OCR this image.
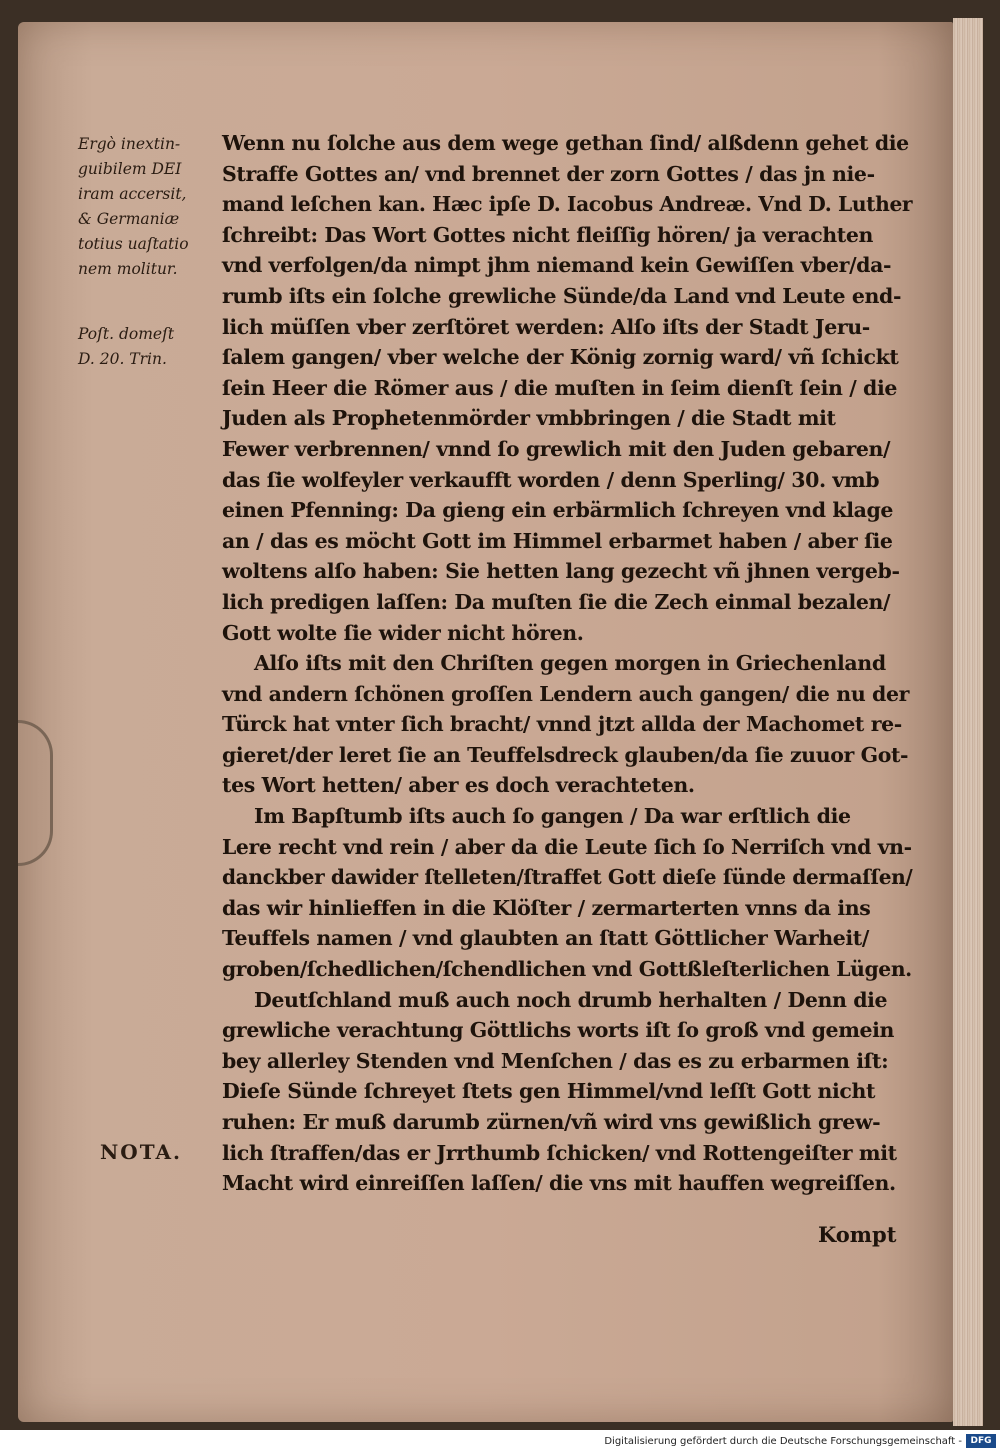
Ergò inextin-
guibilem DEI
iram accersit,
& Germaniæ
totius uaſtatio
nem molitur.
Poſt. domeſt
D. 20. Trin.
NOTA.
Wenn nu ſolche aus dem wege gethan ſind/ alßdenn gehet die
Straffe Gottes an/ vnd brennet der zorn Gottes / das jn nie-
mand leſchen kan. Hæc ipſe D. Iacobus Andreæ. Vnd D. Luther
ſchreibt: Das Wort Gottes nicht fleiſſig hören/ ja verachten
vnd verfolgen/da nimpt jhm niemand kein Gewiſſen vber/da-
rumb iſts ein ſolche grewliche Sünde/da Land vnd Leute end-
lich müſſen vber zerſtöret werden: Alſo iſts der Stadt Jeru-
ſalem gangen/ vber welche der König zornig ward/ vñ ſchickt
ſein Heer die Römer aus / die muſten in ſeim dienſt ſein / die
Juden als Prophetenmörder vmbbringen / die Stadt mit
Fewer verbrennen/ vnnd ſo grewlich mit den Juden gebaren/
das ſie wolfeyler verkaufft worden / denn Sperling/ 30. vmb
einen Pfenning: Da gieng ein erbärmlich ſchreyen vnd klage
an / das es möcht Gott im Himmel erbarmet haben / aber ſie
woltens alſo haben: Sie hetten lang gezecht vñ jhnen vergeb-
lich predigen laſſen: Da muſten ſie die Zech einmal bezalen/
Gott wolte ſie wider nicht hören.
Alſo iſts mit den Chriſten gegen morgen in Griechenland
vnd andern ſchönen groſſen Lendern auch gangen/ die nu der
Türck hat vnter ſich bracht/ vnnd jtzt allda der Machomet re-
gieret/der leret ſie an Teuffelsdreck glauben/da ſie zuuor Got-
tes Wort hetten/ aber es doch verachteten.
Im Bapſtumb iſts auch ſo gangen / Da war erſtlich die
Lere recht vnd rein / aber da die Leute ſich ſo Nerriſch vnd vn-
danckber dawider ſtelleten/ſtraffet Gott dieſe ſünde dermaſſen/
das wir hinlieffen in die Klöſter / zermarterten vnns da ins
Teuffels namen / vnd glaubten an ſtatt Göttlicher Warheit/
groben/ſchedlichen/ſchendlichen vnd Gottßleſterlichen Lügen.
Deutſchland muß auch noch drumb herhalten / Denn die
grewliche verachtung Göttlichs worts iſt ſo groß vnd gemein
bey allerley Stenden vnd Menſchen / das es zu erbarmen iſt:
Dieſe Sünde ſchreyet ſtets gen Himmel/vnd leſſt Gott nicht
ruhen: Er muß darumb zürnen/vñ wird vns gewißlich grew-
lich ſtraffen/das er Jrrthumb ſchicken/ vnd Rottengeiſter mit
Macht wird einreiſſen laſſen/ die vns mit hauffen wegreiſſen.
Kompt
Digitalisierung gefördert durch die Deutsche Forschungsgemeinschaft - DFG
